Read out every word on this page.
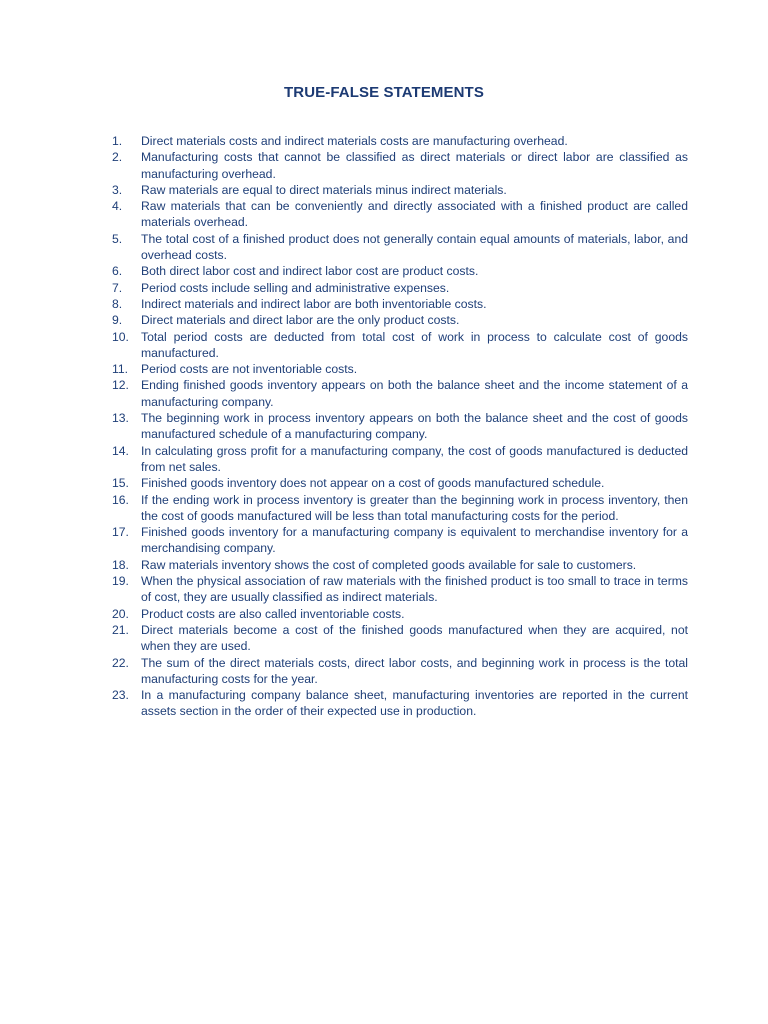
TRUE-FALSE STATEMENTS
1.	Direct materials costs and indirect materials costs are manufacturing overhead.
2.	Manufacturing costs that cannot be classified as direct materials or direct labor are classified as manufacturing overhead.
3.	Raw materials are equal to direct materials minus indirect materials.
4.	Raw materials that can be conveniently and directly associated with a finished product are called materials overhead.
5.	The total cost of a finished product does not generally contain equal amounts of materials, labor, and overhead costs.
6.	Both direct labor cost and indirect labor cost are product costs.
7.	Period costs include selling and administrative expenses.
8.	Indirect materials and indirect labor are both inventoriable costs.
9.	Direct materials and direct labor are the only product costs.
10. Total period costs are deducted from total cost of work in process to calculate cost of goods manufactured.
11.	Period costs are not inventoriable costs.
12. Ending finished goods inventory appears on both the balance sheet and the income statement of a manufacturing company.
13. The beginning work in process inventory appears on both the balance sheet and the cost of goods manufactured schedule of a manufacturing company.
14. In calculating gross profit for a manufacturing company, the cost of goods manufactured is deducted from net sales.
15. Finished goods inventory does not appear on a cost of goods manufactured schedule.
16. If the ending work in process inventory is greater than the beginning work in process inventory, then the cost of goods manufactured will be less than total manufacturing costs for the period.
17. Finished goods inventory for a manufacturing company is equivalent to merchandise inventory for a merchandising company.
18. Raw materials inventory shows the cost of completed goods available for sale to customers.
19. When the physical association of raw materials with the finished product is too small to trace in terms of cost, they are usually classified as indirect materials.
20. Product costs are also called inventoriable costs.
21. Direct materials become a cost of the finished goods manufactured when they are acquired, not when they are used.
22. The sum of the direct materials costs, direct labor costs, and beginning work in process is the total manufacturing costs for the year.
23. In a manufacturing company balance sheet, manufacturing inventories are reported in the current assets section in the order of their expected use in production.
